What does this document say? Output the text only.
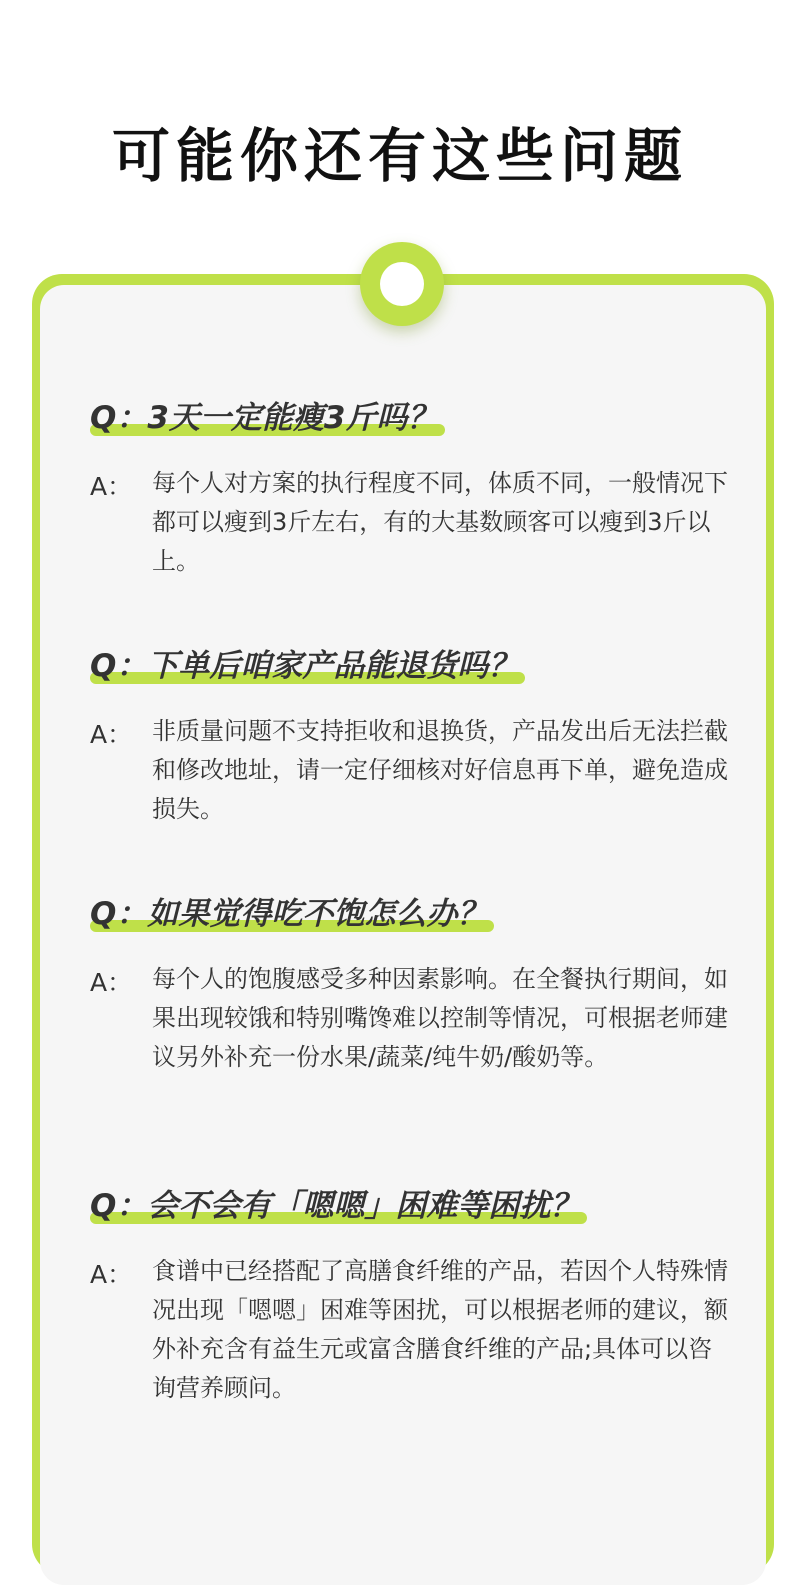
可能你还有这些问题
Q：3天一定能瘦3斤吗？
A： 每个人对方案的执行程度不同，体质不同，一般情况下都可以瘦到3斤左右，有的大基数顾客可以瘦到3斤以上。
Q：下单后咱家产品能退货吗？
A： 非质量问题不支持拒收和退换货，产品发出后无法拦截和修改地址，请一定仔细核对好信息再下单，避免造成损失。
Q：如果觉得吃不饱怎么办？
A： 每个人的饱腹感受多种因素影响。在全餐执行期间，如果出现较饿和特别嘴馋难以控制等情况，可根据老师建议另外补充一份水果/蔬菜/纯牛奶/酸奶等。
Q：会不会有「嗯嗯」困难等困扰？
A： 食谱中已经搭配了高膳食纤维的产品，若因个人特殊情况出现「嗯嗯」困难等困扰，可以根据老师的建议，额外补充含有益生元或富含膳食纤维的产品;具体可以咨询营养顾问。
